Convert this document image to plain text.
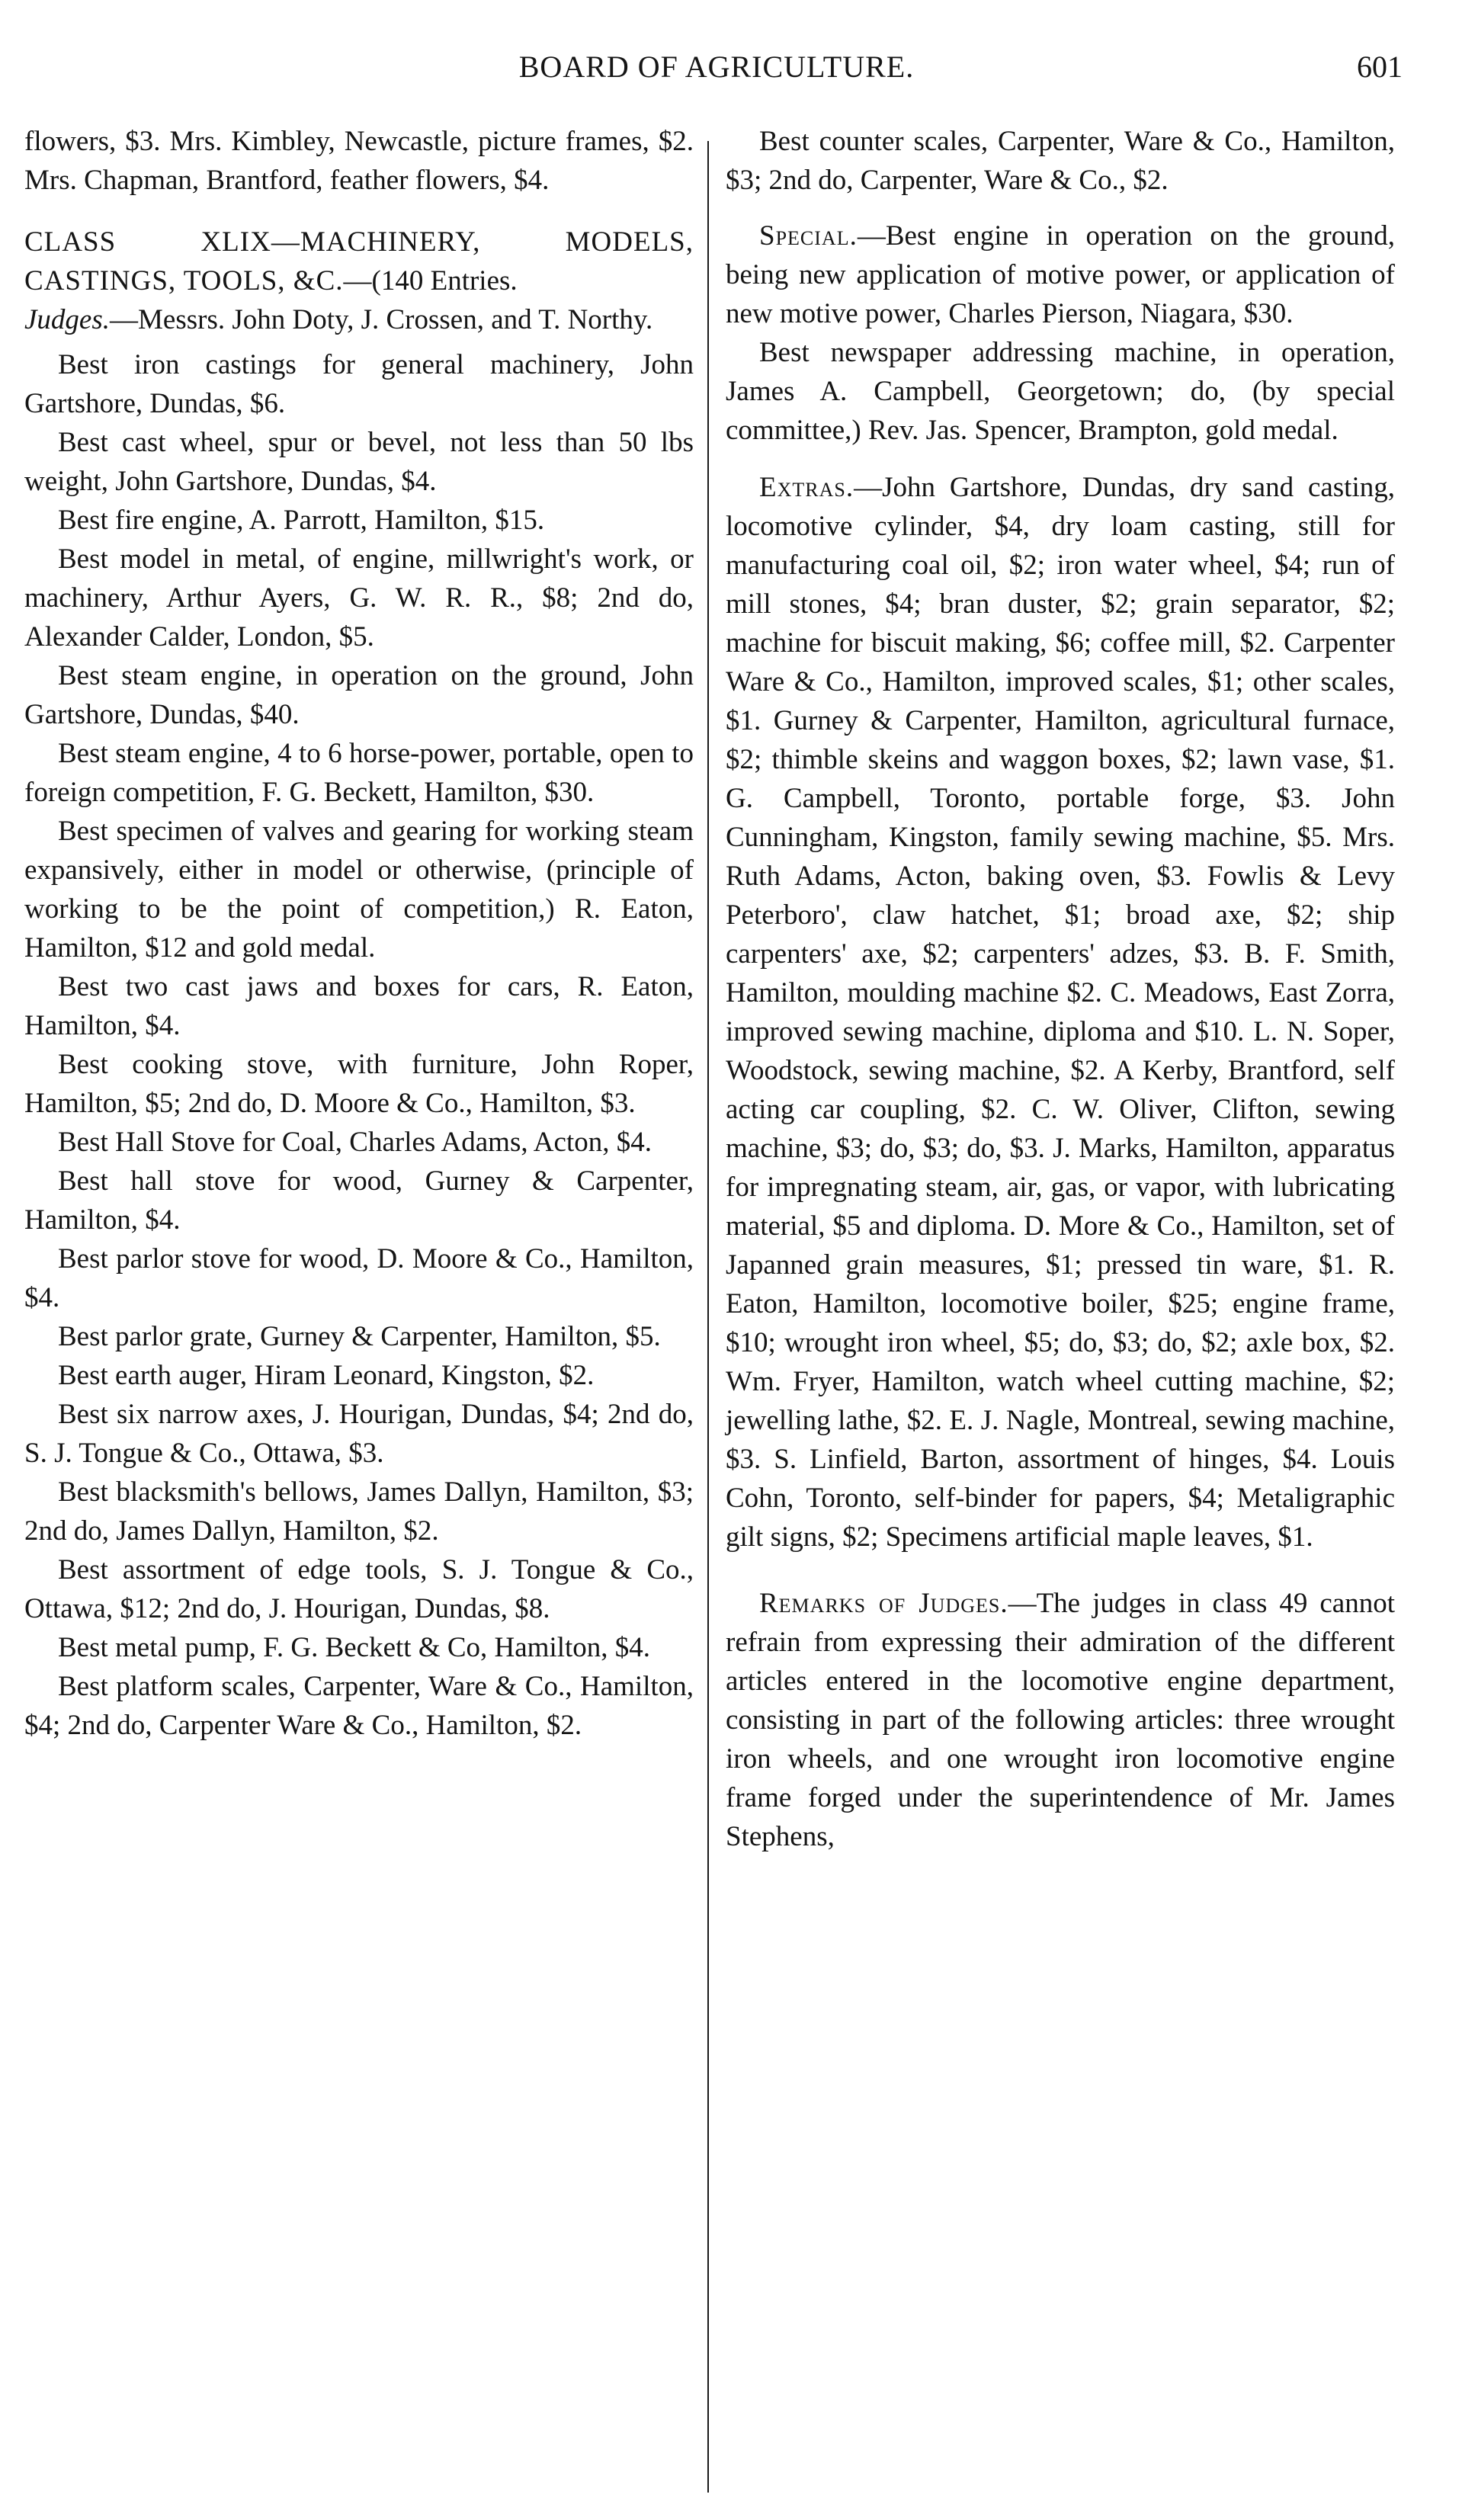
BOARD OF AGRICULTURE.	601

flowers, $3. Mrs. Kimbley, Newcastle, picture frames, $2. Mrs. Chapman, Brantford, feather flowers, $4.

CLASS XLIX—MACHINERY, MODELS, CASTINGS, TOOLS, &C.—(140 Entries.

Judges.—Messrs. John Doty, J. Crossen, and T. Northy.

Best iron castings for general machinery, John Gartshore, Dundas, $6.

Best cast wheel, spur or bevel, not less than 50 lbs weight, John Gartshore, Dundas, $4.

Best fire engine, A. Parrott, Hamilton, $15.

Best model in metal, of engine, millwright's work, or machinery, Arthur Ayers, G. W. R. R., $8; 2nd do, Alexander Calder, London, $5.

Best steam engine, in operation on the ground, John Gartshore, Dundas, $40.

Best steam engine, 4 to 6 horse-power, portable, open to foreign competition, F. G. Beckett, Hamilton, $30.

Best specimen of valves and gearing for working steam expansively, either in model or otherwise, (principle of working to be the point of competition,) R. Eaton, Hamilton, $12 and gold medal.

Best two cast jaws and boxes for cars, R. Eaton, Hamilton, $4.

Best cooking stove, with furniture, John Roper, Hamilton, $5; 2nd do, D. Moore & Co., Hamilton, $3.

Best Hall Stove for Coal, Charles Adams, Acton, $4.

Best hall stove for wood, Gurney & Carpenter, Hamilton, $4.

Best parlor stove for wood, D. Moore & Co., Hamilton, $4.

Best parlor grate, Gurney & Carpenter, Hamilton, $5.

Best earth auger, Hiram Leonard, Kingston, $2.

Best six narrow axes, J. Hourigan, Dundas, $4; 2nd do, S. J. Tongue & Co., Ottawa, $3.

Best blacksmith's bellows, James Dallyn, Hamilton, $3; 2nd do, James Dallyn, Hamilton, $2.

Best assortment of edge tools, S. J. Tongue & Co., Ottawa, $12; 2nd do, J. Hourigan, Dundas, $8.

Best metal pump, F. G. Beckett & Co, Hamilton, $4.

Best platform scales, Carpenter, Ware & Co., Hamilton, $4; 2nd do, Carpenter Ware & Co., Hamilton, $2.

Best counter scales, Carpenter, Ware & Co., Hamilton, $3; 2nd do, Carpenter, Ware & Co., $2.

Special.—Best engine in operation on the ground, being new application of motive power, or application of new motive power, Charles Pierson, Niagara, $30.

Best newspaper addressing machine, in operation, James A. Campbell, Georgetown; do, (by special committee,) Rev. Jas. Spencer, Brampton, gold medal.

Extras.—John Gartshore, Dundas, dry sand casting, locomotive cylinder, $4, dry loam casting, still for manufacturing coal oil, $2; iron water wheel, $4; run of mill stones, $4; bran duster, $2; grain separator, $2; machine for biscuit making, $6; coffee mill, $2. Carpenter Ware & Co., Hamilton, improved scales, $1; other scales, $1. Gurney & Carpenter, Hamilton, agricultural furnace, $2; thimble skeins and waggon boxes, $2; lawn vase, $1. G. Campbell, Toronto, portable forge, $3. John Cunningham, Kingston, family sewing machine, $5. Mrs. Ruth Adams, Acton, baking oven, $3. Fowlis & Levy Peterboro', claw hatchet, $1; broad axe, $2; ship carpenters' axe, $2; carpenters' adzes, $3. B. F. Smith, Hamilton, moulding machine $2. C. Meadows, East Zorra, improved sewing machine, diploma and $10. L. N. Soper, Woodstock, sewing machine, $2. A Kerby, Brantford, self acting car coupling, $2. C. W. Oliver, Clifton, sewing machine, $3; do, $3; do, $3. J. Marks, Hamilton, apparatus for impregnating steam, air, gas, or vapor, with lubricating material, $5 and diploma. D. More & Co., Hamilton, set of Japanned grain measures, $1; pressed tin ware, $1. R. Eaton, Hamilton, locomotive boiler, $25; engine frame, $10; wrought iron wheel, $5; do, $3; do, $2; axle box, $2. Wm. Fryer, Hamilton, watch wheel cutting machine, $2; jewelling lathe, $2. E. J. Nagle, Montreal, sewing machine, $3. S. Linfield, Barton, assortment of hinges, $4. Louis Cohn, Toronto, self-binder for papers, $4; Metaligraphic gilt signs, $2; Specimens artificial maple leaves, $1.

Remarks of Judges.—The judges in class 49 cannot refrain from expressing their admiration of the different articles entered in the locomotive engine department, consisting in part of the following articles: three wrought iron wheels, and one wrought iron locomotive engine frame forged under the superintendence of Mr. James Stephens,
